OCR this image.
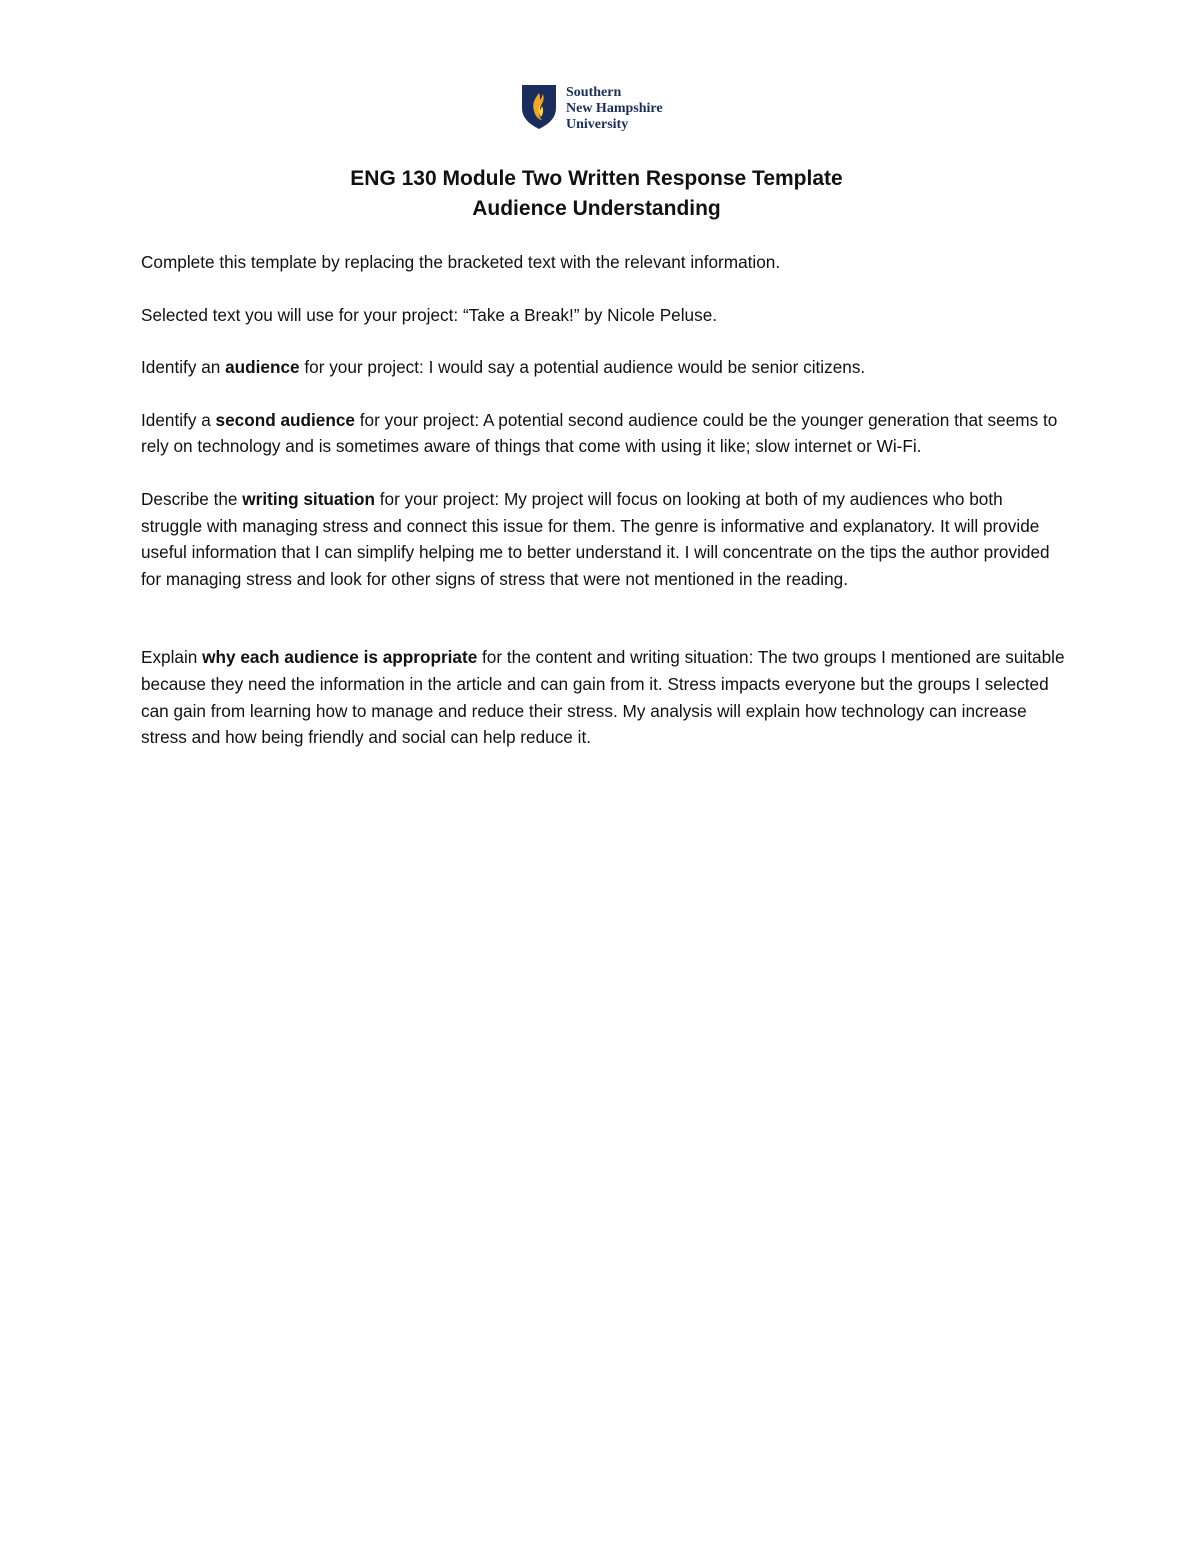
Southern
New Hampshire
University
ENG 130 Module Two Written Response Template
Audience Understanding

Complete this template by replacing the bracketed text with the relevant information.

Selected text you will use for your project: “Take a Break!” by Nicole Peluse.

Identify an audience for your project: I would say a potential audience would be senior citizens.

Identify a second audience for your project: A potential second audience could be the younger generation that seems to rely on technology and is sometimes aware of things that come with using it like; slow internet or Wi-Fi.

Describe the writing situation for your project: My project will focus on looking at both of my audiences who both struggle with managing stress and connect this issue for them. The genre is informative and explanatory. It will provide useful information that I can simplify helping me to better understand it. I will concentrate on the tips the author provided for managing stress and look for other signs of stress that were not mentioned in the reading.

Explain why each audience is appropriate for the content and writing situation: The two groups I mentioned are suitable because they need the information in the article and can gain from it. Stress impacts everyone but the groups I selected can gain from learning how to manage and reduce their stress. My analysis will explain how technology can increase stress and how being friendly and social can help reduce it.
